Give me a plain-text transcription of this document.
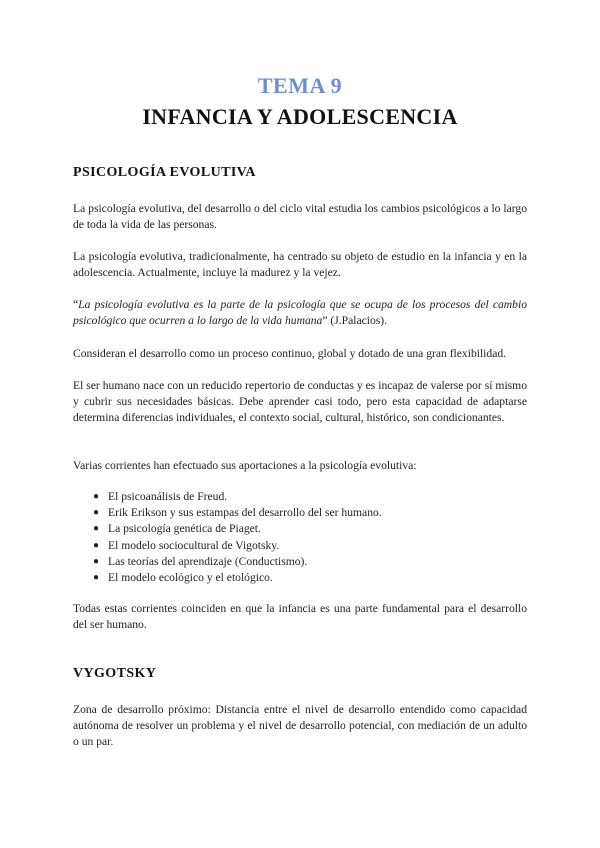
TEMA 9
INFANCIA Y ADOLESCENCIA
PSICOLOGÍA EVOLUTIVA
La psicología evolutiva, del desarrollo o del ciclo vital estudia los cambios psicológicos a lo largo de toda la vida de las personas.
La psicología evolutiva, tradicionalmente, ha centrado su objeto de estudio en la infancia y en la adolescencia. Actualmente, incluye la madurez y la vejez.
“La psicología evolutiva es la parte de la psicología que se ocupa de los procesos del cambio psicológico que ocurren a lo largo de la vida humana” (J.Palacios).
Consideran el desarrollo como un proceso continuo, global y dotado de una gran flexibilidad.
El ser humano nace con un reducido repertorio de conductas y es incapaz de valerse por sí mismo y cubrir sus necesidades básicas. Debe aprender casi todo, pero esta capacidad de adaptarse determina diferencias individuales, el contexto social, cultural, histórico, son condicionantes.
Varias corrientes han efectuado sus aportaciones a la psicología evolutiva:
● El psicoanálisis de Freud.
● Erik Erikson y sus estampas del desarrollo del ser humano.
● La psicología genética de Piaget.
● El modelo sociocultural de Vigotsky.
● Las teorías del aprendizaje (Conductismo).
● El modelo ecológico y el etológico.
Todas estas corrientes coinciden en que la infancia es una parte fundamental para el desarrollo del ser humano.
VYGOTSKY
Zona de desarrollo próximo: Distancia entre el nivel de desarrollo entendido como capacidad autónoma de resolver un problema y el nivel de desarrollo potencial, con mediación de un adulto o un par.
